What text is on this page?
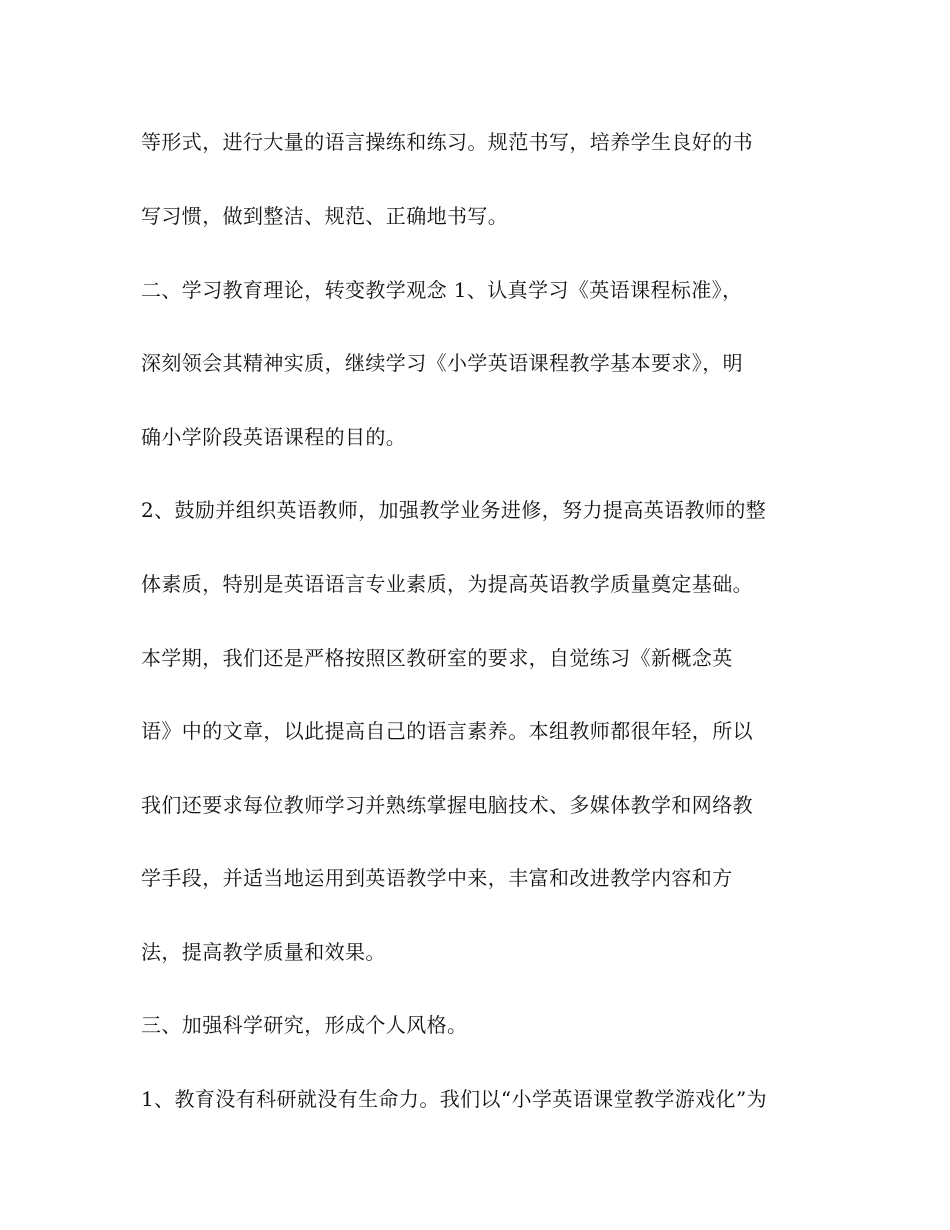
等形式，进行大量的语言操练和练习。规范书写，培养学生良好的书

写习惯，做到整洁、规范、正确地书写。

二、学习教育理论，转变教学观念 1、认真学习《英语课程标准》，

深刻领会其精神实质，继续学习《小学英语课程教学基本要求》，明

确小学阶段英语课程的目的。

2、鼓励并组织英语教师，加强教学业务进修，努力提高英语教师的整

体素质，特别是英语语言专业素质，为提高英语教学质量奠定基础。

本学期，我们还是严格按照区教研室的要求，自觉练习《新概念英

语》中的文章，以此提高自己的语言素养。本组教师都很年轻，所以

我们还要求每位教师学习并熟练掌握电脑技术、多媒体教学和网络教

学手段，并适当地运用到英语教学中来，丰富和改进教学内容和方

法，提高教学质量和效果。

三、加强科学研究，形成个人风格。

1、教育没有科研就没有生命力。我们以“小学英语课堂教学游戏化”为
